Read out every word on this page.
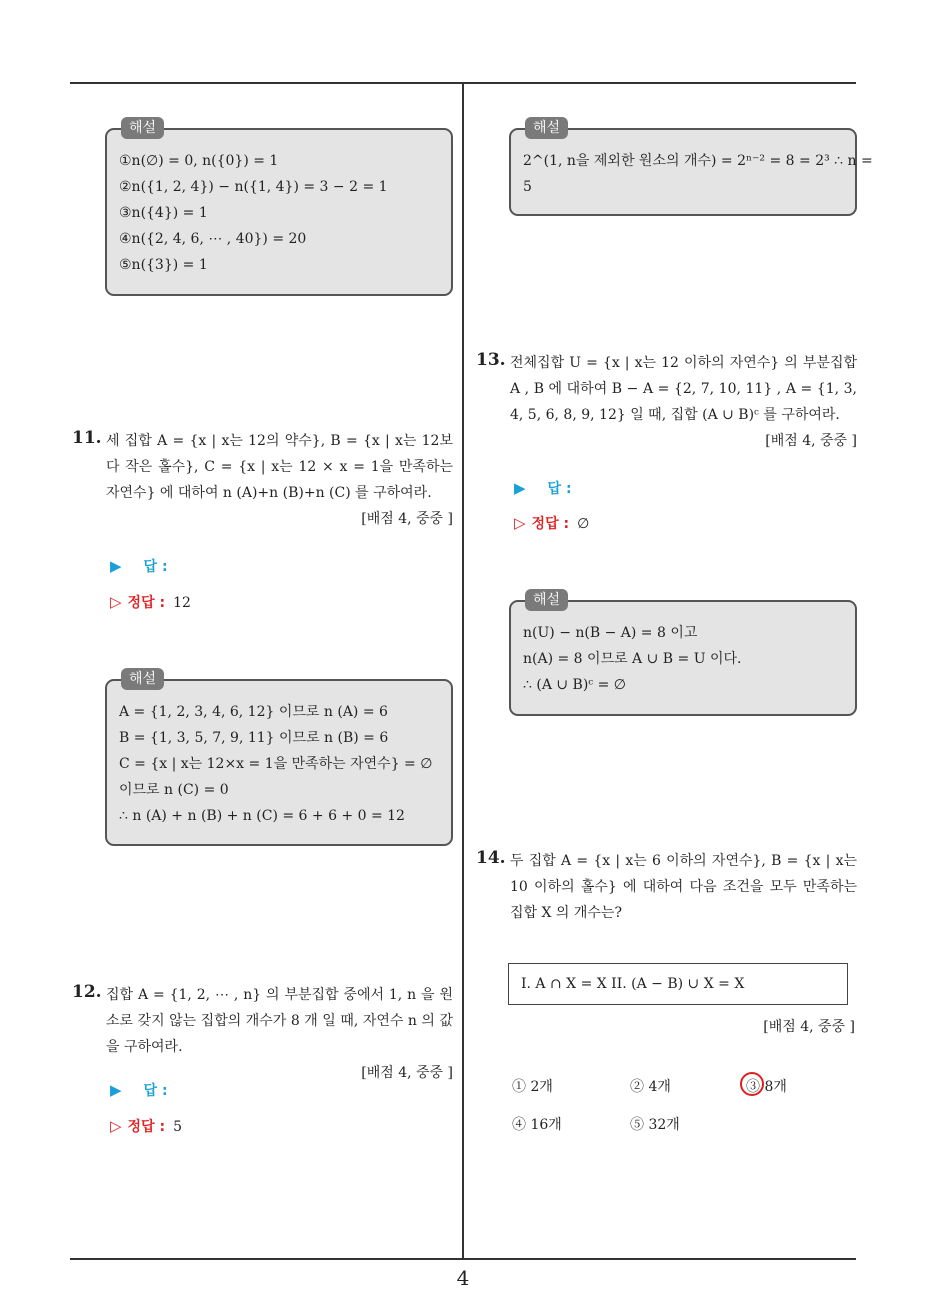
해설
①n(∅) = 0, n({0}) = 1
②n({1, 2, 4}) − n({1, 4}) = 3 − 2 = 1
③n({4}) = 1
④n({2, 4, 6, ⋯ , 40}) = 20
⑤n({3}) = 1
해설
2^(1, n을 제외한 원소의 개수) = 2ⁿ⁻² = 8 = 2³ ∴ n =
5
11. 세 집합 A = {x | x는 12의 약수}, B = {x | x는 12보다 작은 홀수}, C = {x | x는 12 × x = 1을 만족하는 자연수} 에 대하여 n (A)+n (B)+n (C) 를 구하여라.
[배점 4, 중중 ]
▶ 답 :
▷ 정답 : 12
해설
A = {1, 2, 3, 4, 6, 12} 이므로 n (A) = 6
B = {1, 3, 5, 7, 9, 11} 이므로 n (B) = 6
C = {x | x는 12×x = 1을 만족하는 자연수} = ∅
이므로 n (C) = 0
∴ n (A) + n (B) + n (C) = 6 + 6 + 0 = 12
12. 집합 A = {1, 2, ⋯ , n} 의 부분집합 중에서 1, n 을 원소로 갖지 않는 집합의 개수가 8 개 일 때, 자연수 n 의 값을 구하여라.
[배점 4, 중중 ]
▶ 답 :
▷ 정답 : 5
13. 전체집합 U = {x | x는 12 이하의 자연수} 의 부분집합 A , B 에 대하여 B − A = {2, 7, 10, 11} , A = {1, 3, 4, 5, 6, 8, 9, 12} 일 때, 집합 (A ∪ B)ᶜ 를 구하여라.
[배점 4, 중중 ]
▶ 답 :
▷ 정답 : ∅
해설
n(U) − n(B − A) = 8 이고
n(A) = 8 이므로 A ∪ B = U 이다.
∴ (A ∪ B)ᶜ = ∅
14. 두 집합 A = {x | x는 6 이하의 자연수}, B = {x | x는 10 이하의 홀수} 에 대하여 다음 조건을 모두 만족하는 집합 X 의 개수는?
I. A ∩ X = X II. (A − B) ∪ X = X
[배점 4, 중중 ]
① 2개	② 4개	③ 8개
④ 16개	⑤ 32개
4
